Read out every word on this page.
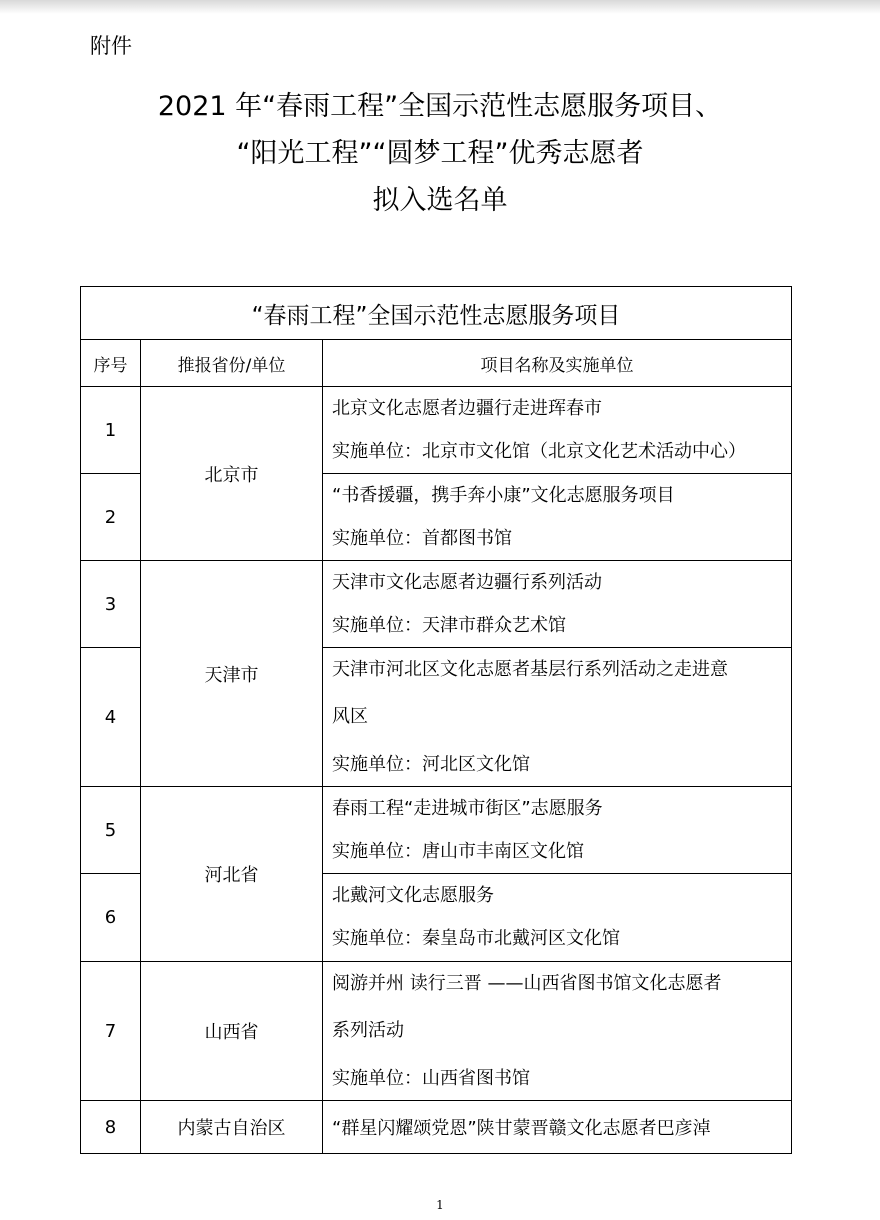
附件
2021 年“春雨工程”全国示范性志愿服务项目、
“阳光工程”“圆梦工程”优秀志愿者
拟入选名单
“春雨工程”全国示范性志愿服务项目		
序号	推报省份/单位	项目名称及实施单位
1	北京市	北京文化志愿者边疆行走进珲春市
实施单位：北京市文化馆（北京文化艺术活动中心）

2		“书香援疆，携手奔小康”文化志愿服务项目
实施单位：首都图书馆

3	天津市	天津市文化志愿者边疆行系列活动
实施单位：天津市群众艺术馆

4		天津市河北区文化志愿者基层行系列活动之走进意
风区
实施单位：河北区文化馆

5	河北省	春雨工程“走进城市街区”志愿服务
实施单位：唐山市丰南区文化馆

6		北戴河文化志愿服务
实施单位：秦皇岛市北戴河区文化馆

7	山西省	阅游并州 读行三晋 ——山西省图书馆文化志愿者
系列活动
实施单位：山西省图书馆

8	内蒙古自治区	“群星闪耀颂党恩”陕甘蒙晋赣文化志愿者巴彦淖
1
